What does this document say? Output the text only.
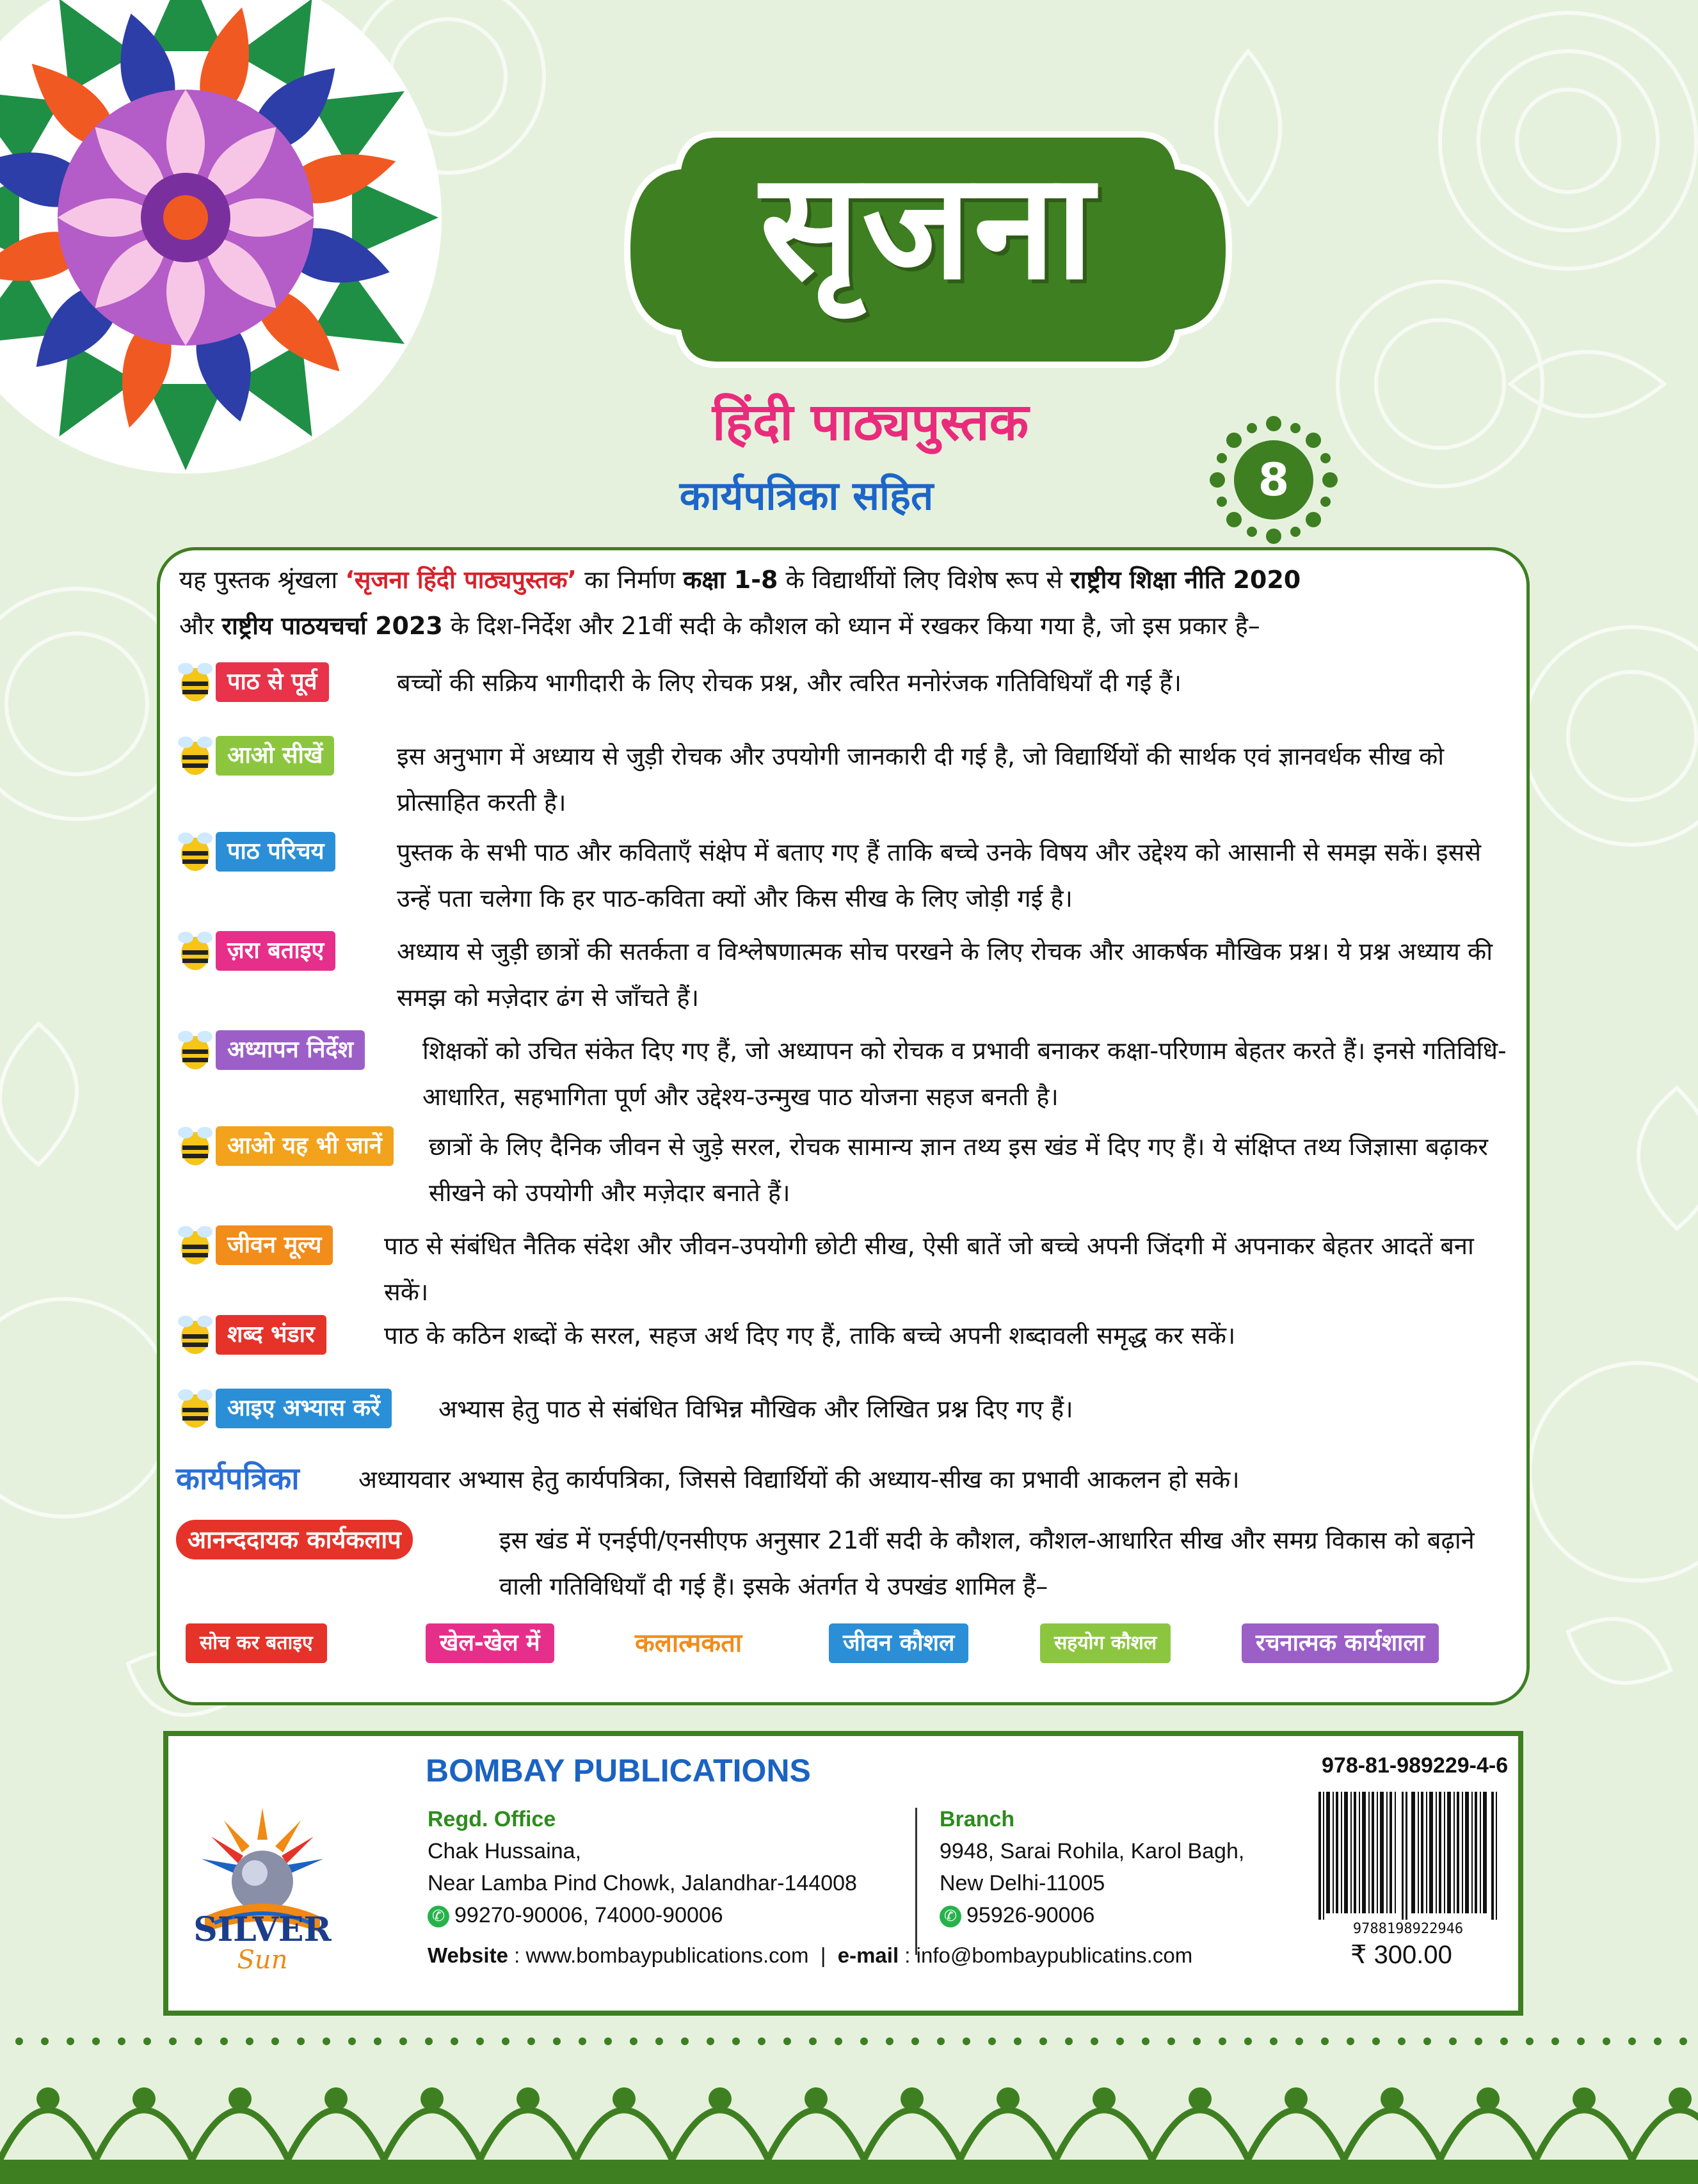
सृजना
हिंदी पाठ्यपुस्तक
कार्यपत्रिका सहित	8
यह पुस्तक श्रृंखला ‘सृजना हिंदी पाठ्यपुस्तक’ का निर्माण कक्षा 1-8 के विद्यार्थीयों लिए विशेष रूप से राष्ट्रीय शिक्षा नीति 2020
और राष्ट्रीय पाठयचर्चा 2023 के दिश-निर्देश और 21वीं सदी के कौशल को ध्यान में रखकर किया गया है, जो इस प्रकार है–
पाठ से पूर्व	बच्चों की सक्रिय भागीदारी के लिए रोचक प्रश्न, और त्वरित मनोरंजक गतिविधियाँ दी गई हैं।
आओ सीखें	इस अनुभाग में अध्याय से जुड़ी रोचक और उपयोगी जानकारी दी गई है, जो विद्यार्थियों की सार्थक एवं ज्ञानवर्धक सीख को प्रोत्साहित करती है।
पाठ परिचय	पुस्तक के सभी पाठ और कविताएँ संक्षेप में बताए गए हैं ताकि बच्चे उनके विषय और उद्देश्य को आसानी से समझ सकें। इससे उन्हें पता चलेगा कि हर पाठ-कविता क्यों और किस सीख के लिए जोड़ी गई है।
ज़रा बताइए	अध्याय से जुड़ी छात्रों की सतर्कता व विश्लेषणात्मक सोच परखने के लिए रोचक और आकर्षक मौखिक प्रश्न। ये प्रश्न अध्याय की समझ को मज़ेदार ढंग से जाँचते हैं।
अध्यापन निर्देश	शिक्षकों को उचित संकेत दिए गए हैं, जो अध्यापन को रोचक व प्रभावी बनाकर कक्षा-परिणाम बेहतर करते हैं। इनसे गतिविधि-आधारित, सहभागिता पूर्ण और उद्देश्य-उन्मुख पाठ योजना सहज बनती है।
आओ यह भी जानें	छात्रों के लिए दैनिक जीवन से जुड़े सरल, रोचक सामान्य ज्ञान तथ्य इस खंड में दिए गए हैं। ये संक्षिप्त तथ्य जिज्ञासा बढ़ाकर सीखने को उपयोगी और मज़ेदार बनाते हैं।
जीवन मूल्य	पाठ से संबंधित नैतिक संदेश और जीवन-उपयोगी छोटी सीख, ऐसी बातें जो बच्चे अपनी जिंदगी में अपनाकर बेहतर आदतें बना सकें।
शब्द भंडार	पाठ के कठिन शब्दों के सरल, सहज अर्थ दिए गए हैं, ताकि बच्चे अपनी शब्दावली समृद्ध कर सकें।
आइए अभ्यास करें	अभ्यास हेतु पाठ से संबंधित विभिन्न मौखिक और लिखित प्रश्न दिए गए हैं।
कार्यपत्रिका अध्यायवार अभ्यास हेतु कार्यपत्रिका, जिससे विद्यार्थियों की अध्याय-सीख का प्रभावी आकलन हो सके।
आनन्ददायक कार्यकलाप	इस खंड में एनईपी/एनसीएफ अनुसार 21वीं सदी के कौशल, कौशल-आधारित सीख और समग्र विकास को बढ़ाने वाली गतिविधियाँ दी गई हैं। इसके अंतर्गत ये उपखंड शामिल हैं–
सोच कर बताइए	खेल-खेल में	कलात्मकता	जीवन कौशल	सहयोग कौशल	रचनात्मक कार्यशाला
SILVER
Sun
BOMBAY PUBLICATIONS
Regd. Office
Chak Hussaina,
Near Lamba Pind Chowk, Jalandhar-144008
✆ 99270-90006, 74000-90006
Branch
9948, Sarai Rohila, Karol Bagh,
New Delhi-11005
✆ 95926-90006
Website : www.bombaypublications.com  |  e-mail : info@bombaypublicatins.com
978-81-989229-4-6
9788198922946
₹ 300.00
